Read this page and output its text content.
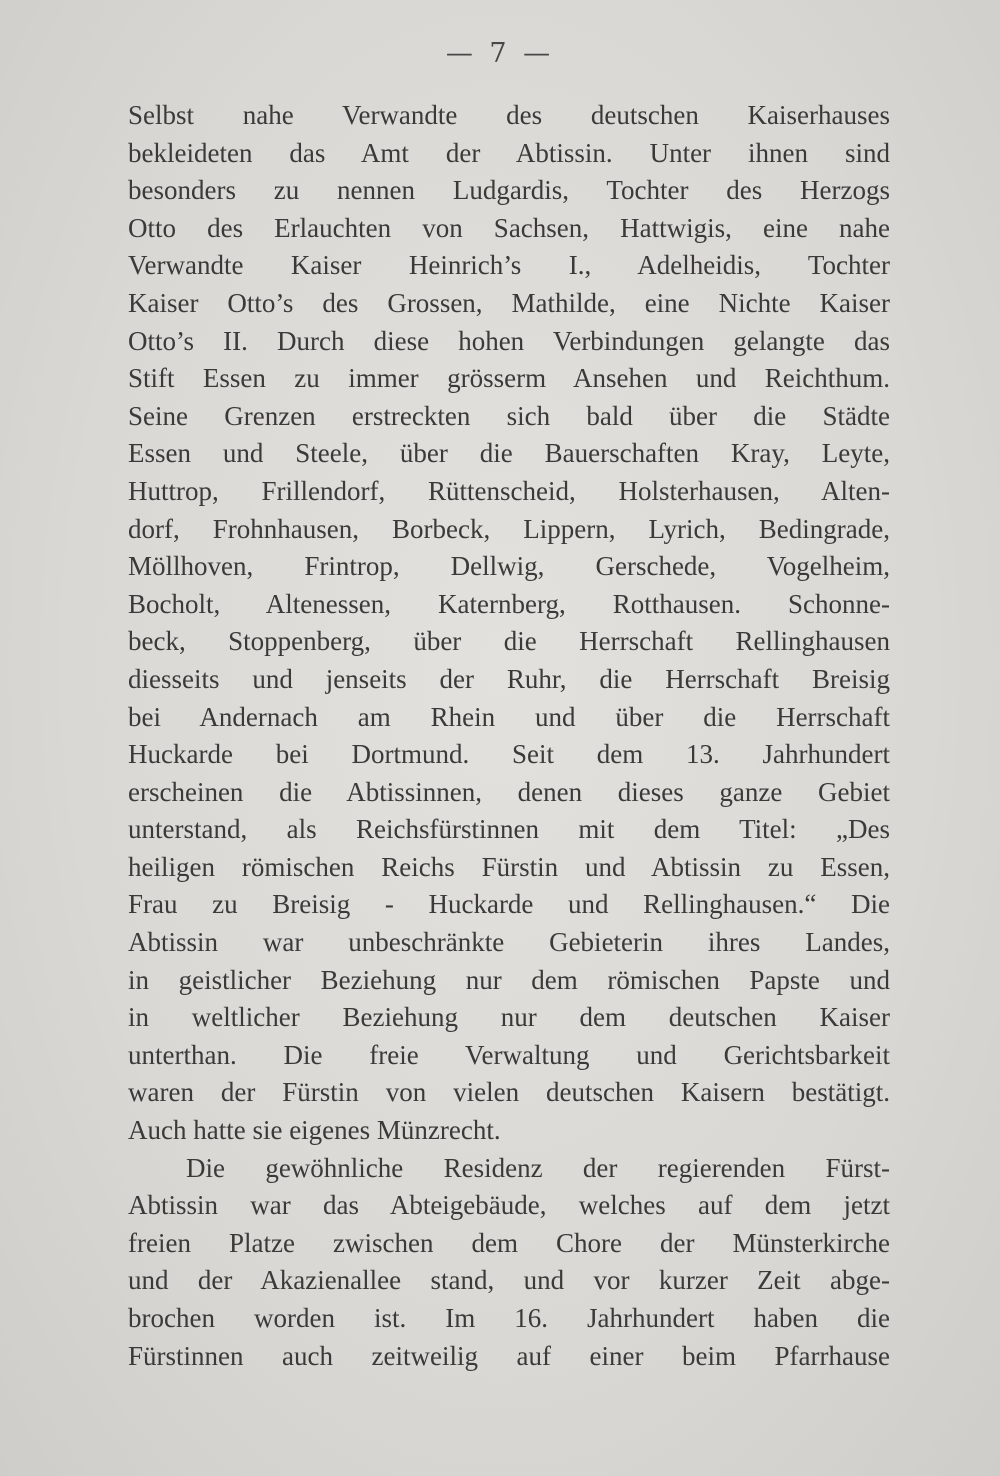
— 7 —
Selbst nahe Verwandte des deutschen Kaiserhauses
bekleideten das Amt der Abtissin. Unter ihnen sind
besonders zu nennen Ludgardis, Tochter des Herzogs
Otto des Erlauchten von Sachsen, Hattwigis, eine nahe
Verwandte Kaiser Heinrich’s I., Adelheidis, Tochter
Kaiser Otto’s des Grossen, Mathilde, eine Nichte Kaiser
Otto’s II. Durch diese hohen Verbindungen gelangte das
Stift Essen zu immer grösserm Ansehen und Reichthum.
Seine Grenzen erstreckten sich bald über die Städte
Essen und Steele, über die Bauerschaften Kray, Leyte,
Huttrop, Frillendorf, Rüttenscheid, Holsterhausen, Alten-
dorf, Frohnhausen, Borbeck, Lippern, Lyrich, Bedingrade,
Möllhoven, Frintrop, Dellwig, Gerschede, Vogelheim,
Bocholt, Altenessen, Katernberg, Rotthausen. Schonne-
beck, Stoppenberg, über die Herrschaft Rellinghausen
diesseits und jenseits der Ruhr, die Herrschaft Breisig
bei Andernach am Rhein und über die Herrschaft
Huckarde bei Dortmund. Seit dem 13. Jahrhundert
erscheinen die Abtissinnen, denen dieses ganze Gebiet
unterstand, als Reichsfürstinnen mit dem Titel: „Des
heiligen römischen Reichs Fürstin und Abtissin zu Essen,
Frau zu Breisig - Huckarde und Rellinghausen.“ Die
Abtissin war unbeschränkte Gebieterin ihres Landes,
in geistlicher Beziehung nur dem römischen Papste und
in weltlicher Beziehung nur dem deutschen Kaiser
unterthan. Die freie Verwaltung und Gerichtsbarkeit
waren der Fürstin von vielen deutschen Kaisern bestätigt.
Auch hatte sie eigenes Münzrecht.
Die gewöhnliche Residenz der regierenden Fürst-
Abtissin war das Abteigebäude, welches auf dem jetzt
freien Platze zwischen dem Chore der Münsterkirche
und der Akazienallee stand, und vor kurzer Zeit abge-
brochen worden ist. Im 16. Jahrhundert haben die
Fürstinnen auch zeitweilig auf einer beim Pfarrhause
